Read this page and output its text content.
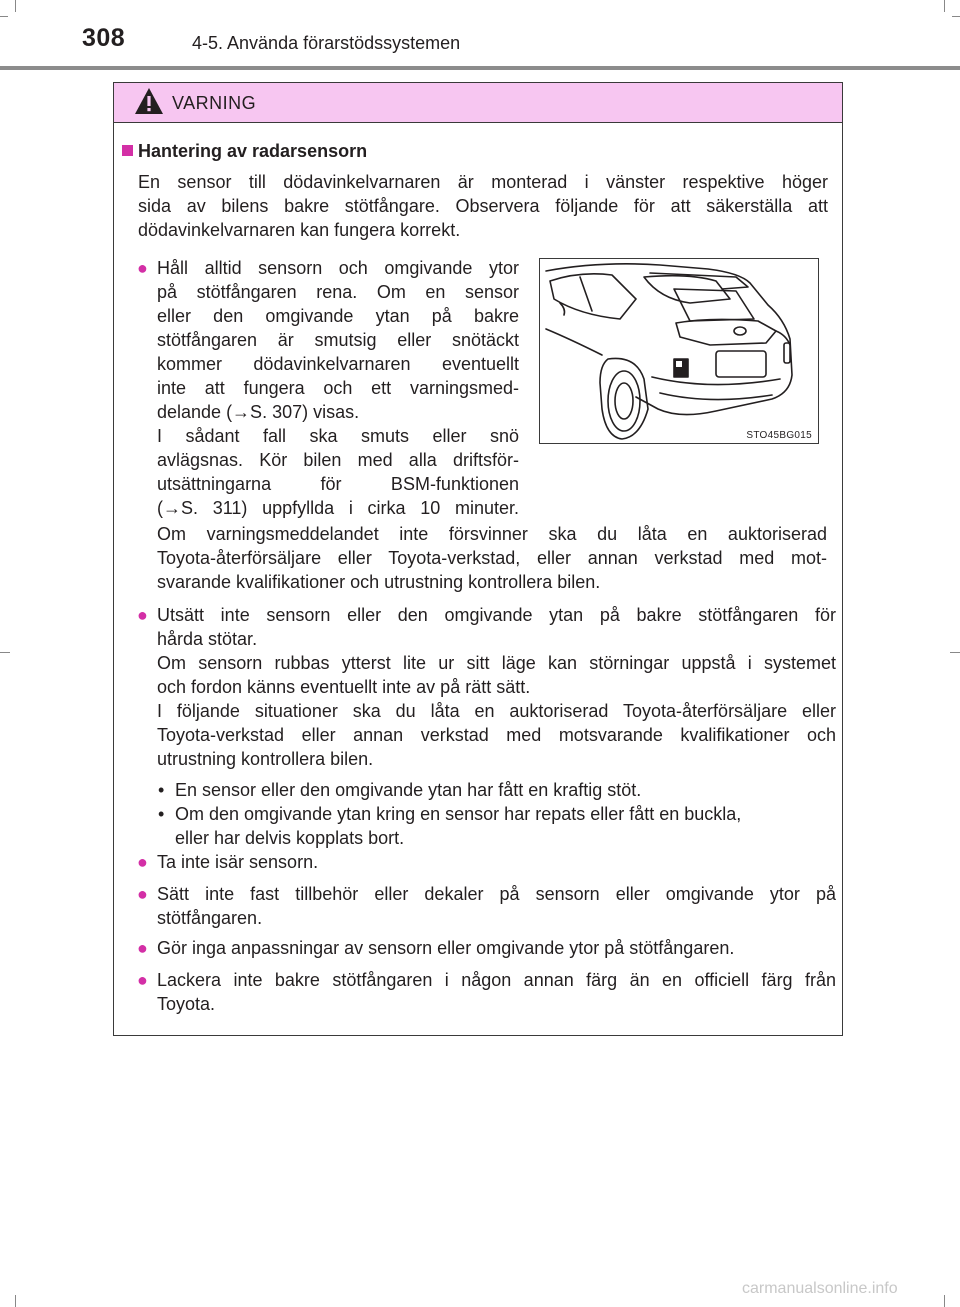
308	4-5. Använda förarstödssystemen
VARNING
Hantering av radarsensorn
En sensor till dödavinkelvarnaren är monterad i vänster respektive höger
sida av bilens bakre stötfångare. Observera följande för att säkerställa att
dödavinkelvarnaren kan fungera korrekt.
● Håll alltid sensorn och omgivande ytor
på stötfångaren rena. Om en sensor
eller den omgivande ytan på bakre
stötfångaren är smutsig eller snötäckt
kommer dödavinkelvarnaren eventuellt
inte att fungera och ett varningsmed-
delande (→S. 307) visas.
I sådant fall ska smuts eller snö
avlägsnas. Kör bilen med alla driftsför-
utsättningarna för BSM-funktionen
(→S. 311) uppfyllda i cirka 10 minuter.
STO45BG015
Om varningsmeddelandet inte försvinner ska du låta en auktoriserad
Toyota-återförsäljare eller Toyota-verkstad, eller annan verkstad med mot-
svarande kvalifikationer och utrustning kontrollera bilen.
● Utsätt inte sensorn eller den omgivande ytan på bakre stötfångaren för
hårda stötar.
Om sensorn rubbas ytterst lite ur sitt läge kan störningar uppstå i systemet
och fordon känns eventuellt inte av på rätt sätt.
I följande situationer ska du låta en auktoriserad Toyota-återförsäljare eller
Toyota-verkstad eller annan verkstad med motsvarande kvalifikationer och
utrustning kontrollera bilen.
• En sensor eller den omgivande ytan har fått en kraftig stöt.
• Om den omgivande ytan kring en sensor har repats eller fått en buckla,
eller har delvis kopplats bort.
● Ta inte isär sensorn.
● Sätt inte fast tillbehör eller dekaler på sensorn eller omgivande ytor på
stötfångaren.
● Gör inga anpassningar av sensorn eller omgivande ytor på stötfångaren.
● Lackera inte bakre stötfångaren i någon annan färg än en officiell färg från
Toyota.
carmanualsonline.info
